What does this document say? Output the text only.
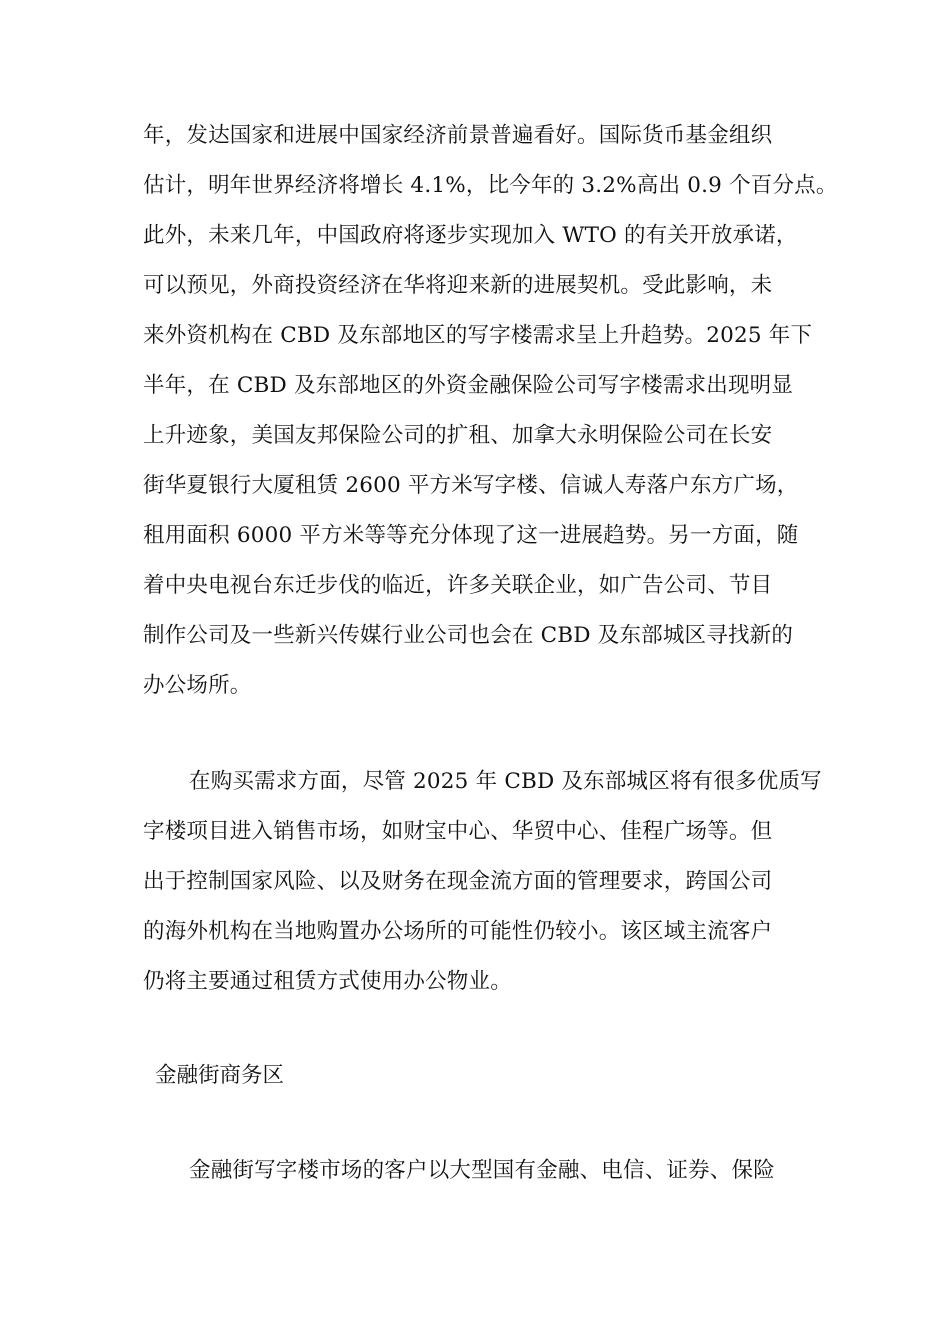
年，发达国家和进展中国家经济前景普遍看好。国际货币基金组织
估计，明年世界经济将增长 4.1%，比今年的 3.2%高出 0.9 个百分点。
此外，未来几年，中国政府将逐步实现加入 WTO 的有关开放承诺，
可以预见，外商投资经济在华将迎来新的进展契机。受此影响，未
来外资机构在 CBD 及东部地区的写字楼需求呈上升趋势。2025 年下
半年，在 CBD 及东部地区的外资金融保险公司写字楼需求出现明显
上升迹象，美国友邦保险公司的扩租、加拿大永明保险公司在长安
街华夏银行大厦租赁 2600 平方米写字楼、信诚人寿落户东方广场，
租用面积 6000 平方米等等充分体现了这一进展趋势。另一方面，随
着中央电视台东迁步伐的临近，许多关联企业，如广告公司、节目
制作公司及一些新兴传媒行业公司也会在 CBD 及东部城区寻找新的
办公场所。
在购买需求方面，尽管 2025 年 CBD 及东部城区将有很多优质写
字楼项目进入销售市场，如财宝中心、华贸中心、佳程广场等。但
出于控制国家风险、以及财务在现金流方面的管理要求，跨国公司
的海外机构在当地购置办公场所的可能性仍较小。该区域主流客户
仍将主要通过租赁方式使用办公物业。
金融街商务区
金融街写字楼市场的客户以大型国有金融、电信、证券、保险
